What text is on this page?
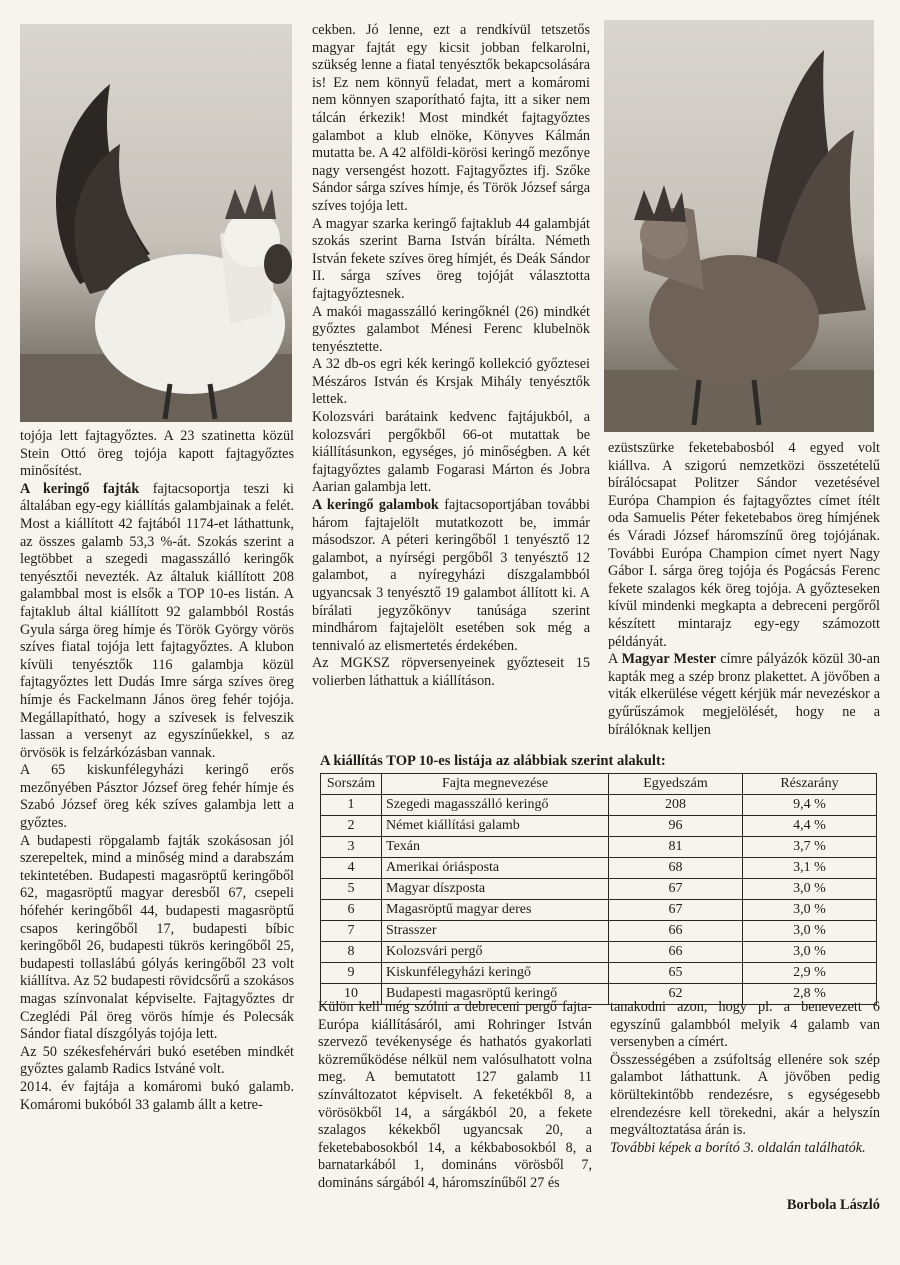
tojója lett fajtagyőztes. A 23 szatinetta közül Stein Ottó öreg tojója kapott fajtagyőztes minősítést.

A keringő fajták fajtacsoportja teszi ki általában egy-egy kiállítás galambjainak a felét. Most a kiállított 42 fajtából 1174-et láthattunk, az összes galamb 53,3 %-át. Szokás szerint a legtöbbet a szegedi magasszálló keringők tenyésztői nevezték. Az általuk kiállított 208 galambbal most is elsők a TOP 10-es listán. A fajtaklub által kiállított 92 galambból Rostás Gyula sárga öreg hímje és Török György vörös szíves fiatal tojója lett fajtagyőztes. A klubon kívüli tenyésztők 116 galambja közül fajtagyőztes lett Dudás Imre sárga szíves öreg hímje és Fackelmann János öreg fehér tojója. Megállapítható, hogy a szívesek is felveszik lassan a versenyt az egyszínűekkel, s az örvösök is felzárkózásban vannak.

A 65 kiskunfélegyházi keringő erős mezőnyében Pásztor József öreg fehér hímje és Szabó József öreg kék szíves galambja lett a győztes.

A budapesti röpgalamb fajták szokásosan jól szerepeltek, mind a minőség mind a darabszám tekintetében. Budapesti magasröptű keringőből 62, magasröptű magyar deresből 67, csepeli hófehér keringőből 44, budapesti magasröptű csapos keringőből 17, budapesti bíbic keringőből 26, budapesti tükrös keringőből 25, budapesti tollaslábú gólyás keringőből 23 volt kiállítva. Az 52 budapesti rövidcsőrű a szokásos magas színvonalat képviselte. Fajtagyőztes dr Czeglédi Pál öreg vörös hímje és Polecsák Sándor fiatal díszgólyás tojója lett.

Az 50 székesfehérvári bukó esetében mindkét győztes galamb Radics Istváné volt.

2014. év fajtája a komáromi bukó galamb. Komáromi bukóból 33 galamb állt a ketre-

cekben. Jó lenne, ezt a rendkívül tetszetős magyar fajtát egy kicsit jobban felkarolni, szükség lenne a fiatal tenyésztők bekapcsolására is! Ez nem könnyű feladat, mert a komáromi nem könnyen szaporítható fajta, itt a siker nem tálcán érkezik! Most mindkét fajtagyőztes galambot a klub elnöke, Könyves Kálmán mutatta be. A 42 alföldi-körösi keringő mezőnye nagy versengést hozott. Fajtagyőztes ifj. Szőke Sándor sárga szíves hímje, és Török József sárga szíves tojója lett.

A magyar szarka keringő fajtaklub 44 galambját szokás szerint Barna István bírálta. Németh István fekete szíves öreg hímjét, és Deák Sándor II. sárga szíves öreg tojóját választotta fajtagyőztesnek.

A makói magasszálló keringőknél (26) mindkét győztes galambot Ménesi Ferenc klubelnök tenyésztette.

A 32 db-os egri kék keringő kollekció győztesei Mészáros István és Krsjak Mihály tenyésztők lettek.

Kolozsvári barátaink kedvenc fajtájukból, a kolozsvári pergőkből 66-ot mutattak be kiállításunkon, egységes, jó minőségben. A két fajtagyőztes galamb Fogarasi Márton és Jobra Aarian galambja lett.

A keringő galambok fajtacsoportjában további három fajtajelölt mutatkozott be, immár másodszor. A péteri keringőből 1 tenyésztő 12 galambot, a nyírségi pergőből 3 tenyésztő 12 galambot, a nyíregyházi díszgalambból ugyancsak 3 tenyésztő 19 galambot állított ki. A bírálati jegyzőkönyv tanúsága szerint mindhárom fajtajelölt esetében sok még a tennivaló az elismertetés érdekében.

Az MGKSZ röpversenyeinek győzteseit 15 volierben láthattuk a kiállításon.

ezüstszürke feketebabosból 4 egyed volt kiállva. A szigorú nemzetközi összetételű bírálócsapat Politzer Sándor vezetésével Európa Champion és fajtagyőztes címet ítélt oda Samuelis Péter feketebabos öreg hímjének és Váradi József háromszínű öreg tojójának. További Európa Champion címet nyert Nagy Gábor I. sárga öreg tojója és Pogácsás Ferenc fekete szalagos kék öreg tojója. A győzteseken kívül mindenki megkapta a debreceni pergőről készített mintarajz egy-egy számozott példányát.

A Magyar Mester címre pályázók közül 30-an kapták meg a szép bronz plakettet. A jövőben a viták elkerülése végett kérjük már nevezéskor a gyűrűszámok megjelölését, hogy ne a bírálóknak kelljen

A kiállítás TOP 10-es listája az alábbiak szerint alakult:
Sorszám	Fajta megnevezése	Egyedszám	Részarány
1	Szegedi magasszálló keringő	208	9,4 %
2	Német kiállítási galamb	96	4,4 %
3	Texán	81	3,7 %
4	Amerikai óriásposta	68	3,1 %
5	Magyar díszposta	67	3,0 %
6	Magasröptű magyar deres	67	3,0 %
7	Strasszer	66	3,0 %
8	Kolozsvári pergő	66	3,0 %
9	Kiskunfélegyházi keringő	65	2,9 %
10	Budapesti magasröptű keringő	62	2,8 %

Külön kell még szólni a debreceni pergő fajta-Európa kiállításáról, ami Rohringer István szervező tevékenysége és hathatós gyakorlati közreműködése nélkül nem valósulhatott volna meg. A bemutatott 127 galamb 11 színváltozatot képviselt. A feketékből 8, a vörösökből 14, a sárgákból 20, a fekete szalagos kékekből ugyancsak 20, a feketebabosokból 14, a kékbabosokból 8, a barnatarkából 1, domináns vörösből 7, domináns sárgából 4, háromszínűből 27 és

tanakodni azon, hogy pl. a benevezett 6 egyszínű galambból melyik 4 galamb van versenyben a címért.

Összességében a zsúfoltság ellenére sok szép galambot láthattunk. A jövőben pedig körültekintőbb rendezésre, s egységesebb elrendezésre kell törekedni, akár a helyszín megváltoztatása árán is.

További képek a borító 3. oldalán találhatók.

Borbola László
